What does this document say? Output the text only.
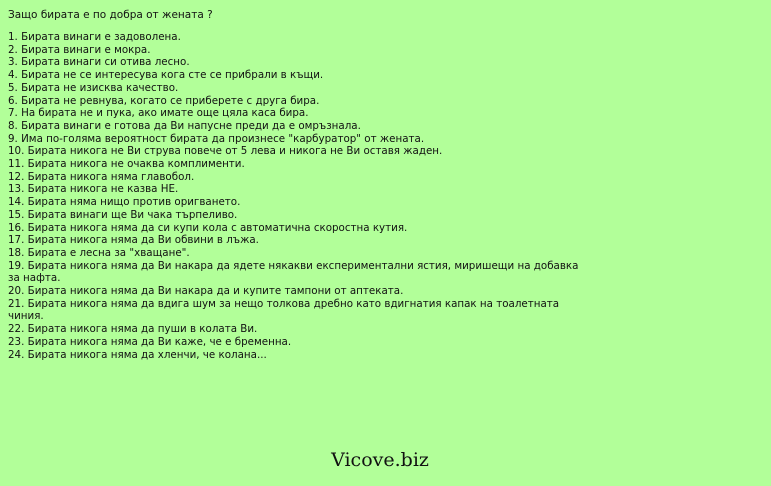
Защо бирата е по добра от жената ?
1. Бирата винаги е задоволена.
2. Бирата винаги е мокра.
3. Бирата винаги си отива лесно.
4. Бирата не се интересува кога сте се прибрали в къщи.
5. Бирата не изисква качество.
6. Бирата не ревнува, когато се приберете с друга бира.
7. На бирата не и пука, ако имате още цяла каса бира.
8. Бирата винаги е готова да Ви напусне преди да е омръзнала.
9. Има по-голяма вероятност бирата да произнесе "карбуратор" от жената.
10. Бирата никога не Ви струва повече от 5 лева и никога не Ви оставя жаден.
11. Бирата никога не очаква комплименти.
12. Бирата никога няма главобол.
13. Бирата никога не казва НЕ.
14. Бирата няма нищо против оригването.
15. Бирата винаги ще Ви чака търпеливо.
16. Бирата никога няма да си купи кола с автоматична скоростна кутия.
17. Бирата никога няма да Ви обвини в лъжа.
18. Бирата е лесна за "хващане".
19. Бирата никога няма да Ви накара да ядете някакви експериментални ястия, миришещи на добавка за нафта.
20. Бирата никога няма да Ви накара да и купите тампони от аптеката.
21. Бирата никога няма да вдига шум за нещо толкова дребно като вдигнатия капак на тоалетната чиния.
22. Бирата никога няма да пуши в колата Ви.
23. Бирата никога няма да Ви каже, че е бременна.
24. Бирата никога няма да хленчи, че колана...
Vicove.biz
